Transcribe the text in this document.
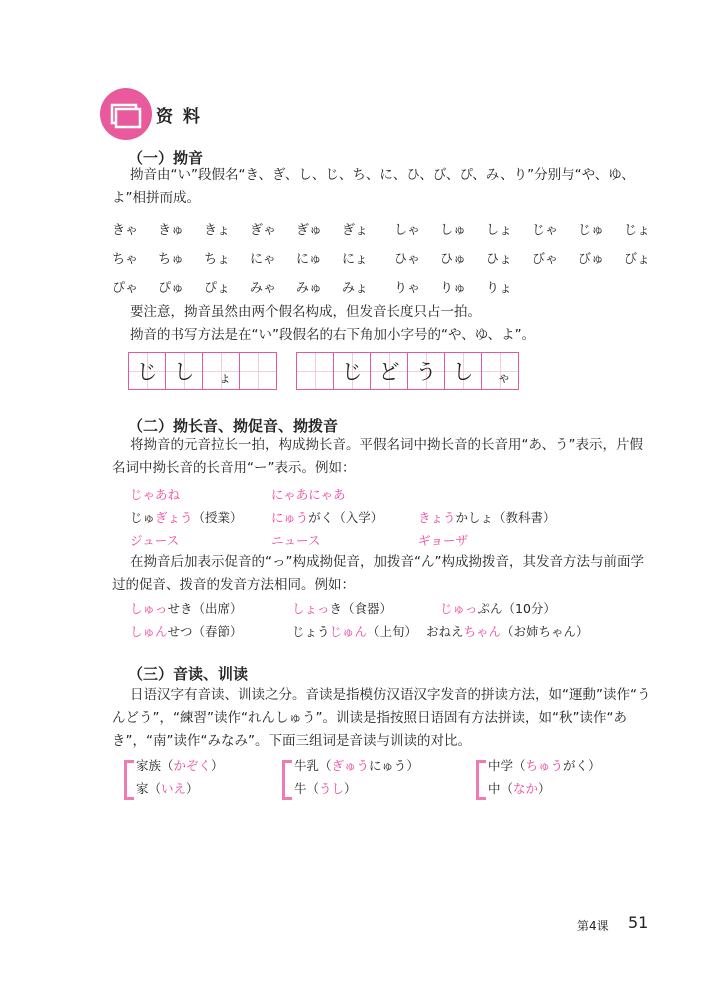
资 料
（一）拗音

拗音由“い”段假名“き、ぎ、し、じ、ち、に、ひ、び、ぴ、み、り”分别与“や、ゆ、よ”相拼而成。

きゃ きゅ きょ ぎゃ ぎゅ ぎょ しゃ しゅ しょ じゃ じゅ じょ
ちゃ ちゅ ちょ にゃ にゅ にょ ひゃ ひゅ ひょ びゃ びゅ びょ
ぴゃ ぴゅ ぴょ みゃ みゅ みょ りゃ りゅ りょ

要注意，拗音虽然由两个假名构成，但发音长度只占一拍。

拗音的书写方法是在“い”段假名的右下角加小字号的“や、ゆ、よ”。

じ し ょ	じ ど う し ゃ
（二）拗长音、拗促音、拗拨音

将拗音的元音拉长一拍，构成拗长音。平假名词中拗长音的长音用“あ、う”表示，片假名词中拗长音的长音用“ー”表示。例如：

じゃあね	にゃあにゃあ
じゅぎょう（授業） にゅうがく（入学）	きょうかしょ（教科書）
ジュース	ニュース	ギョーザ

在拗音后加表示促音的“っ”构成拗促音，加拨音“ん”构成拗拨音，其发音方法与前面学过的促音、拨音的发音方法相同。例如：

しゅっせき（出席）	しょっき（食器）	じゅっぷん（10分）
しゅんせつ（春節）	じょうじゅん（上旬） おねえちゃん（お姉ちゃん）
（三）音读、训读

日语汉字有音读、训读之分。音读是指模仿汉语汉字发音的拼读方法，如“運動”读作“うんどう”，“練習”读作“れんしゅう”。训读是指按照日语固有方法拼读，如“秋”读作“あき”，“南”读作“みなみ”。下面三组词是音读与训读的对比。

家族（かぞく）
家（いえ）
牛乳（ぎゅうにゅう）
牛（うし）
中学（ちゅうがく）
中（なか）
第4课 51
